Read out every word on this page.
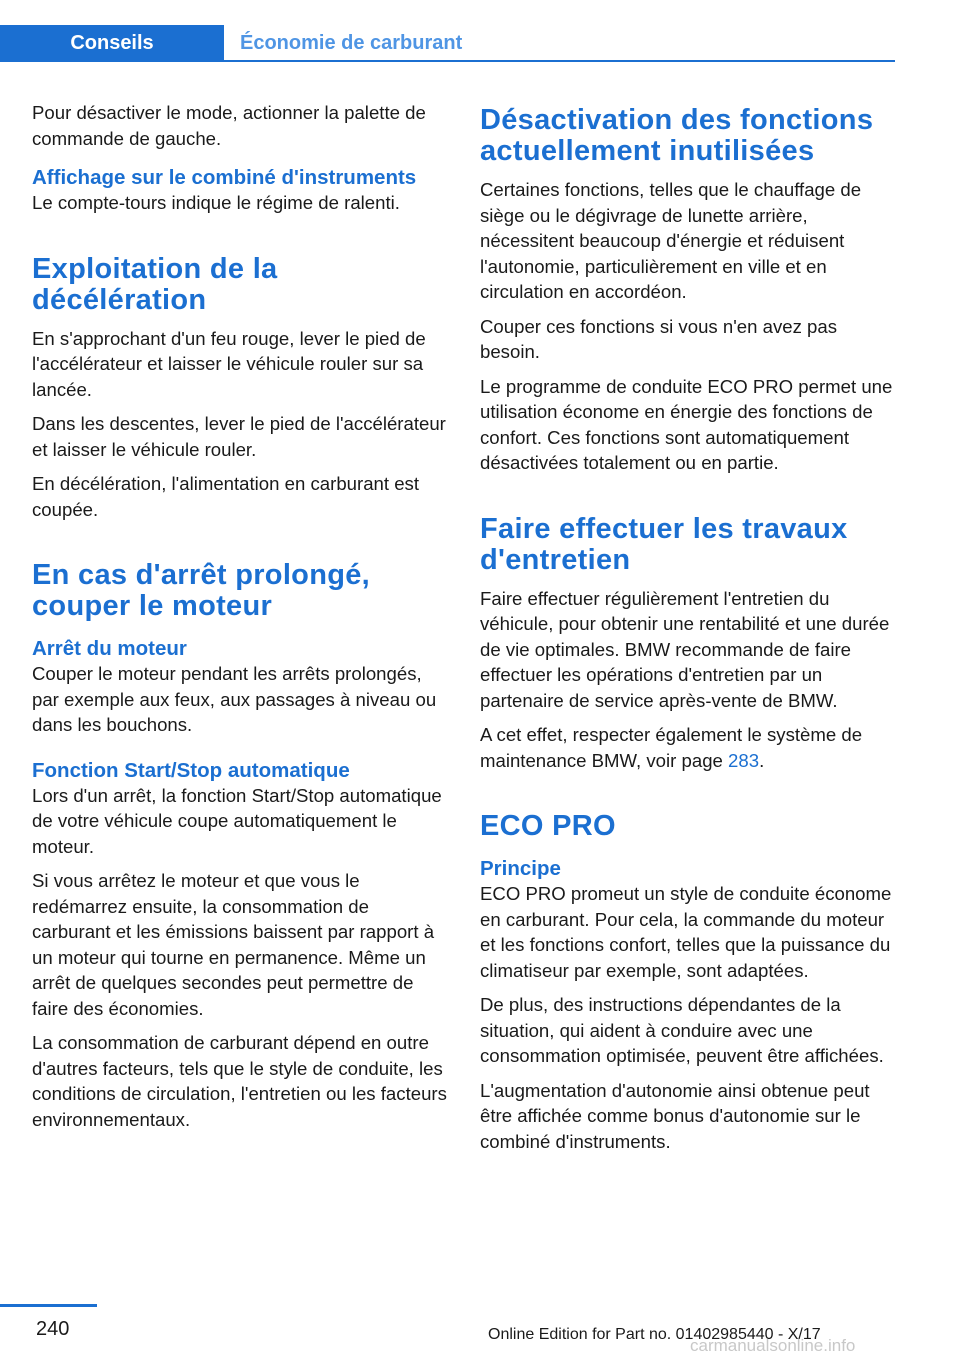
Conseils	Économie de carburant

Pour désactiver le mode, actionner la palette de commande de gauche.

Affichage sur le combiné d'instruments

Le compte-tours indique le régime de ralenti.

Exploitation de la décélération

En s'approchant d'un feu rouge, lever le pied de l'accélérateur et laisser le véhicule rouler sur sa lancée.

Dans les descentes, lever le pied de l'accélérateur et laisser le véhicule rouler.

En décélération, l'alimentation en carburant est coupée.

En cas d'arrêt prolongé, couper le moteur
Arrêt du moteur

Couper le moteur pendant les arrêts prolongés, par exemple aux feux, aux passages à niveau ou dans les bouchons.

Fonction Start/Stop automatique

Lors d'un arrêt, la fonction Start/Stop automatique de votre véhicule coupe automatiquement le moteur.

Si vous arrêtez le moteur et que vous le redémarrez ensuite, la consommation de carburant et les émissions baissent par rapport à un moteur qui tourne en permanence. Même un arrêt de quelques secondes peut permettre de faire des économies.

La consommation de carburant dépend en outre d'autres facteurs, tels que le style de conduite, les conditions de circulation, l'entretien ou les facteurs environnementaux.

Désactivation des fonctions actuellement inutilisées

Certaines fonctions, telles que le chauffage de siège ou le dégivrage de lunette arrière, nécessitent beaucoup d'énergie et réduisent l'autonomie, particulièrement en ville et en circulation en accordéon.

Couper ces fonctions si vous n'en avez pas besoin.

Le programme de conduite ECO PRO permet une utilisation économe en énergie des fonctions de confort. Ces fonctions sont automatiquement désactivées totalement ou en partie.

Faire effectuer les travaux d'entretien

Faire effectuer régulièrement l'entretien du véhicule, pour obtenir une rentabilité et une durée de vie optimales. BMW recommande de faire effectuer les opérations d'entretien par un partenaire de service après-vente de BMW.

A cet effet, respecter également le système de maintenance BMW, voir page 283.

ECO PRO
Principe

ECO PRO promeut un style de conduite économe en carburant. Pour cela, la commande du moteur et les fonctions confort, telles que la puissance du climatiseur par exemple, sont adaptées.

De plus, des instructions dépendantes de la situation, qui aident à conduire avec une consommation optimisée, peuvent être affichées.

L'augmentation d'autonomie ainsi obtenue peut être affichée comme bonus d'autonomie sur le combiné d'instruments.

240	Online Edition for Part no. 01402985440 - X/17
carmanualsonline.info
